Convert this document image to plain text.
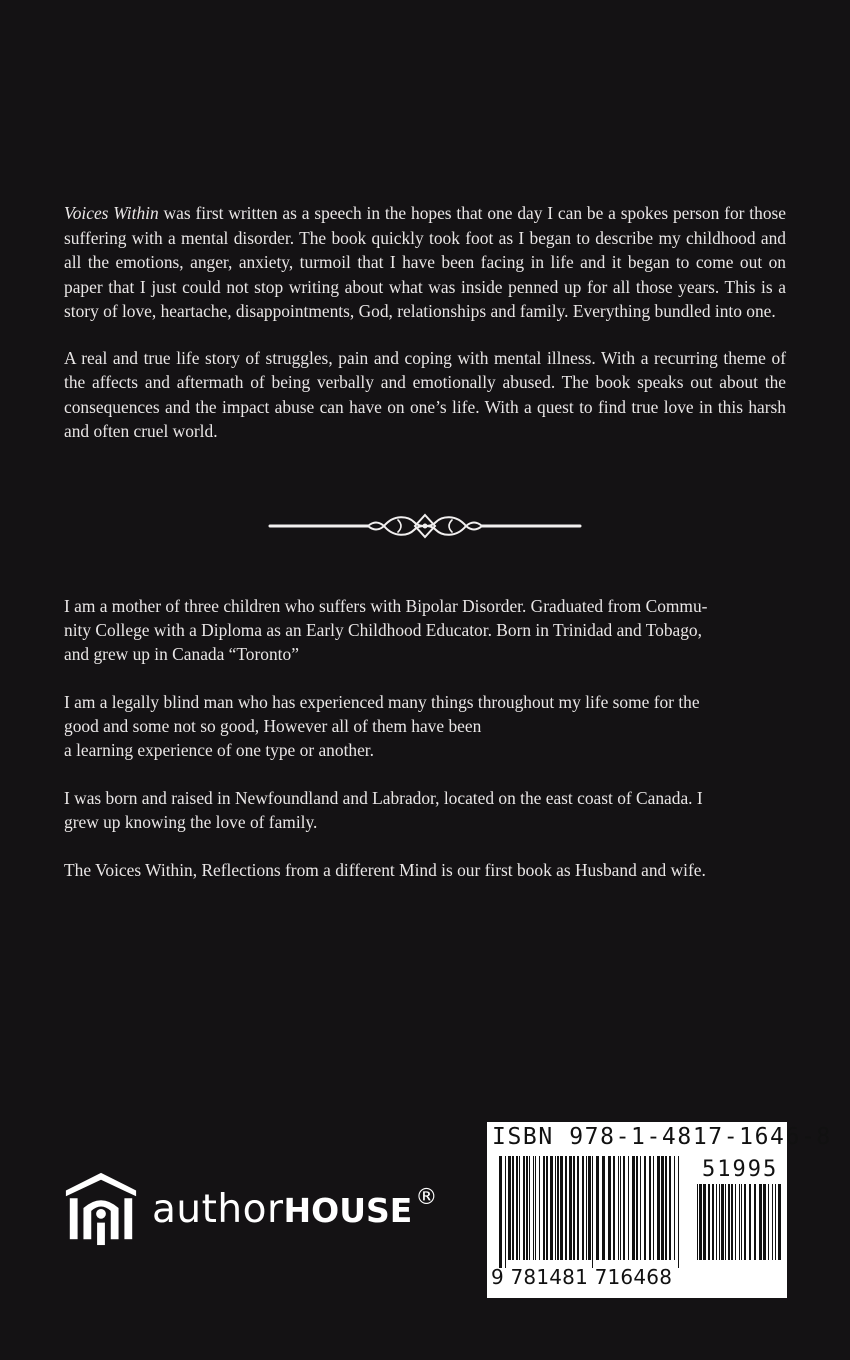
Voices Within was first written as a speech in the hopes that one day I can be a spokes person for those suffering with a mental disorder. The book quickly took foot as I began to describe my childhood and all the emotions, anger, anxiety, turmoil that I have been facing in life and it began to come out on paper that I just could not stop writing about what was inside penned up for all those years. This is a story of love, heartache, disappointments, God, relationships and family. Everything bundled into one.

A real and true life story of struggles, pain and coping with mental illness. With a recurring theme of the affects and aftermath of being verbally and emotionally abused. The book speaks out about the consequences and the impact abuse can have on one’s life. With a quest to find true love in this harsh and often cruel world.

I am a mother of three children who suffers with Bipolar Disorder. Graduated from Commu-
nity College with a Diploma as an Early Childhood Educator. Born in Trinidad and Tobago,
and grew up in Canada “Toronto”

I am a legally blind man who has experienced many things throughout my life some for the
good and some not so good, However all of them have been
a learning experience of one type or another.

I was born and raised in Newfoundland and Labrador, located on the east coast of Canada. I
grew up knowing the love of family.

The Voices Within, Reflections from a different Mind is our first book as Husband and wife.

authorHOUSE ®
ISBN 978-1-4817-1646-8
51995
9 781481 716468
